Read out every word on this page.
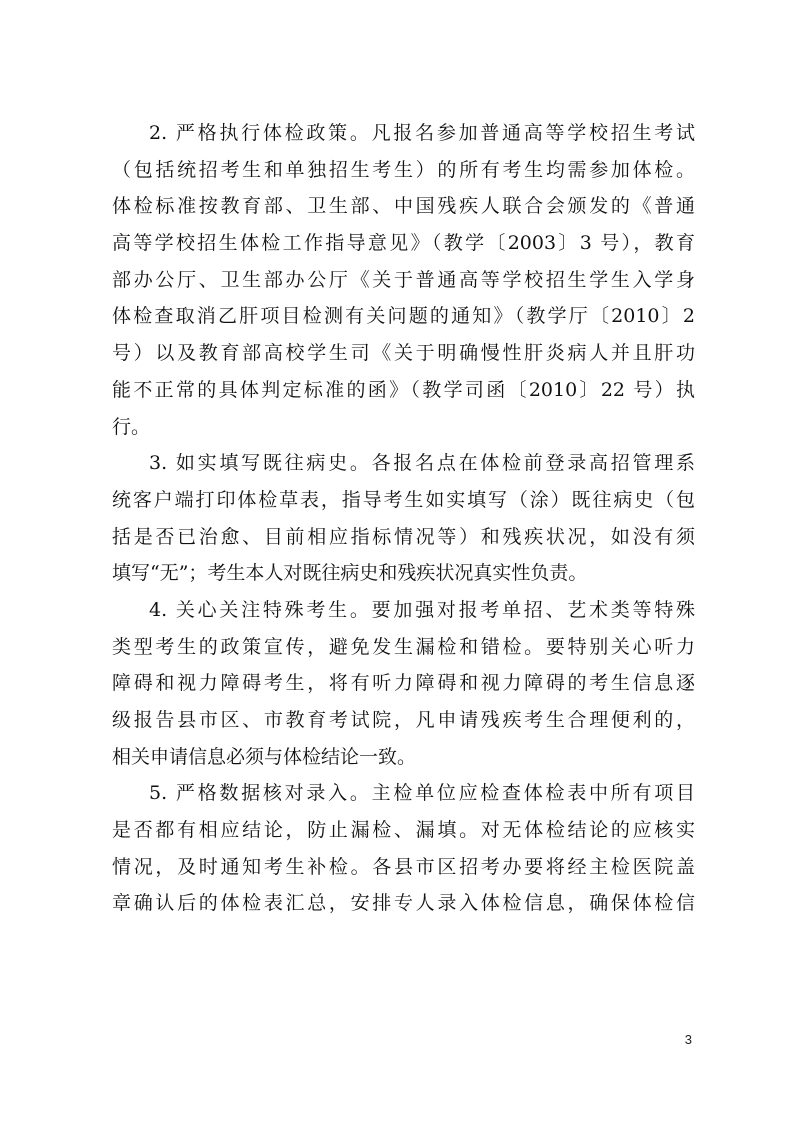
2. 严格执行体检政策。凡报名参加普通高等学校招生考试
（包括统招考生和单独招生考生）的所有考生均需参加体检。
体检标准按教育部、卫生部、中国残疾人联合会颁发的《普通
高等学校招生体检工作指导意见》（教学〔2003〕3 号），教育
部办公厅、卫生部办公厅《关于普通高等学校招生学生入学身
体检查取消乙肝项目检测有关问题的通知》（教学厅〔2010〕2
号）以及教育部高校学生司《关于明确慢性肝炎病人并且肝功
能不正常的具体判定标准的函》（教学司函〔2010〕22 号）执
行。
3. 如实填写既往病史。各报名点在体检前登录高招管理系
统客户端打印体检草表，指导考生如实填写（涂）既往病史（包
括是否已治愈、目前相应指标情况等）和残疾状况，如没有须
填写“无”；考生本人对既往病史和残疾状况真实性负责。
4. 关心关注特殊考生。要加强对报考单招、艺术类等特殊
类型考生的政策宣传，避免发生漏检和错检。要特别关心听力
障碍和视力障碍考生，将有听力障碍和视力障碍的考生信息逐
级报告县市区、市教育考试院，凡申请残疾考生合理便利的，
相关申请信息必须与体检结论一致。
5. 严格数据核对录入。主检单位应检查体检表中所有项目
是否都有相应结论，防止漏检、漏填。对无体检结论的应核实
情况，及时通知考生补检。各县市区招考办要将经主检医院盖
章确认后的体检表汇总，安排专人录入体检信息，确保体检信
3
